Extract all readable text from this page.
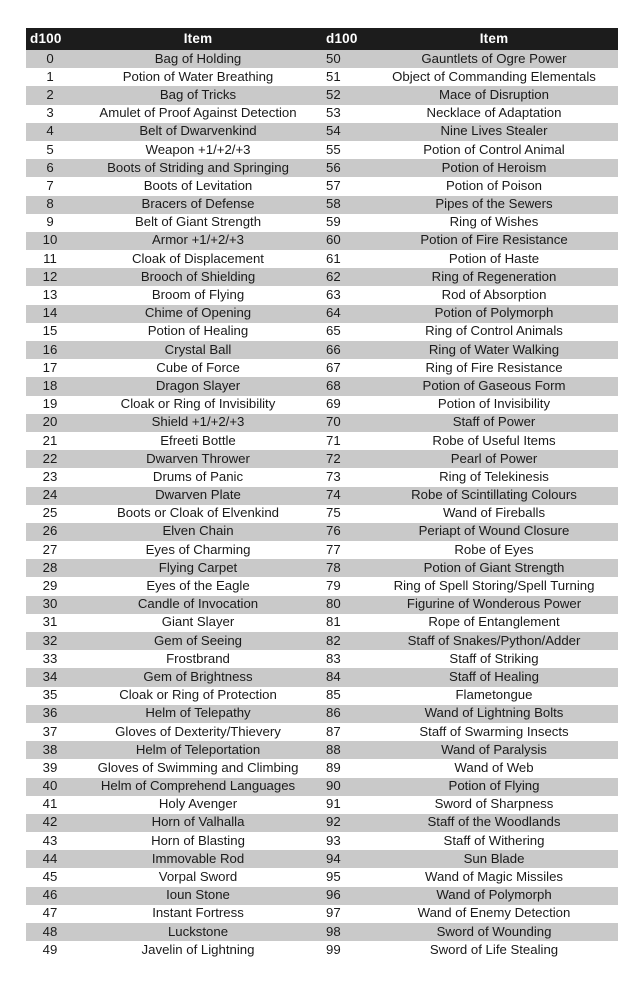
d100	Item	d100	Item
0	Bag of Holding	50	Gauntlets of Ogre Power
1	Potion of Water Breathing	51	Object of Commanding Elementals
2	Bag of Tricks	52	Mace of Disruption
3	Amulet of Proof Against Detection	53	Necklace of Adaptation
4	Belt of Dwarvenkind	54	Nine Lives Stealer
5	Weapon +1/+2/+3	55	Potion of Control Animal
6	Boots of Striding and Springing	56	Potion of Heroism
7	Boots of Levitation	57	Potion of Poison
8	Bracers of Defense	58	Pipes of the Sewers
9	Belt of Giant Strength	59	Ring of Wishes
10	Armor +1/+2/+3	60	Potion of Fire Resistance
11	Cloak of Displacement	61	Potion of Haste
12	Brooch of Shielding	62	Ring of Regeneration
13	Broom of Flying	63	Rod of Absorption
14	Chime of Opening	64	Potion of Polymorph
15	Potion of Healing	65	Ring of Control Animals
16	Crystal Ball	66	Ring of Water Walking
17	Cube of Force	67	Ring of Fire Resistance
18	Dragon Slayer	68	Potion of Gaseous Form
19	Cloak or Ring of Invisibility	69	Potion of Invisibility
20	Shield +1/+2/+3	70	Staff of Power
21	Efreeti Bottle	71	Robe of Useful Items
22	Dwarven Thrower	72	Pearl of Power
23	Drums of Panic	73	Ring of Telekinesis
24	Dwarven Plate	74	Robe of Scintillating Colours
25	Boots or Cloak of Elvenkind	75	Wand of Fireballs
26	Elven Chain	76	Periapt of Wound Closure
27	Eyes of Charming	77	Robe of Eyes
28	Flying Carpet	78	Potion of Giant Strength
29	Eyes of the Eagle	79	Ring of Spell Storing/Spell Turning
30	Candle of Invocation	80	Figurine of Wonderous Power
31	Giant Slayer	81	Rope of Entanglement
32	Gem of Seeing	82	Staff of Snakes/Python/Adder
33	Frostbrand	83	Staff of Striking
34	Gem of Brightness	84	Staff of Healing
35	Cloak or Ring of Protection	85	Flametongue
36	Helm of Telepathy	86	Wand of Lightning Bolts
37	Gloves of Dexterity/Thievery	87	Staff of Swarming Insects
38	Helm of Teleportation	88	Wand of Paralysis
39	Gloves of Swimming and Climbing	89	Wand of Web
40	Helm of Comprehend Languages	90	Potion of Flying
41	Holy Avenger	91	Sword of Sharpness
42	Horn of Valhalla	92	Staff of the Woodlands
43	Horn of Blasting	93	Staff of Withering
44	Immovable Rod	94	Sun Blade
45	Vorpal Sword	95	Wand of Magic Missiles
46	Ioun Stone	96	Wand of Polymorph
47	Instant Fortress	97	Wand of Enemy Detection
48	Luckstone	98	Sword of Wounding
49	Javelin of Lightning	99	Sword of Life Stealing
